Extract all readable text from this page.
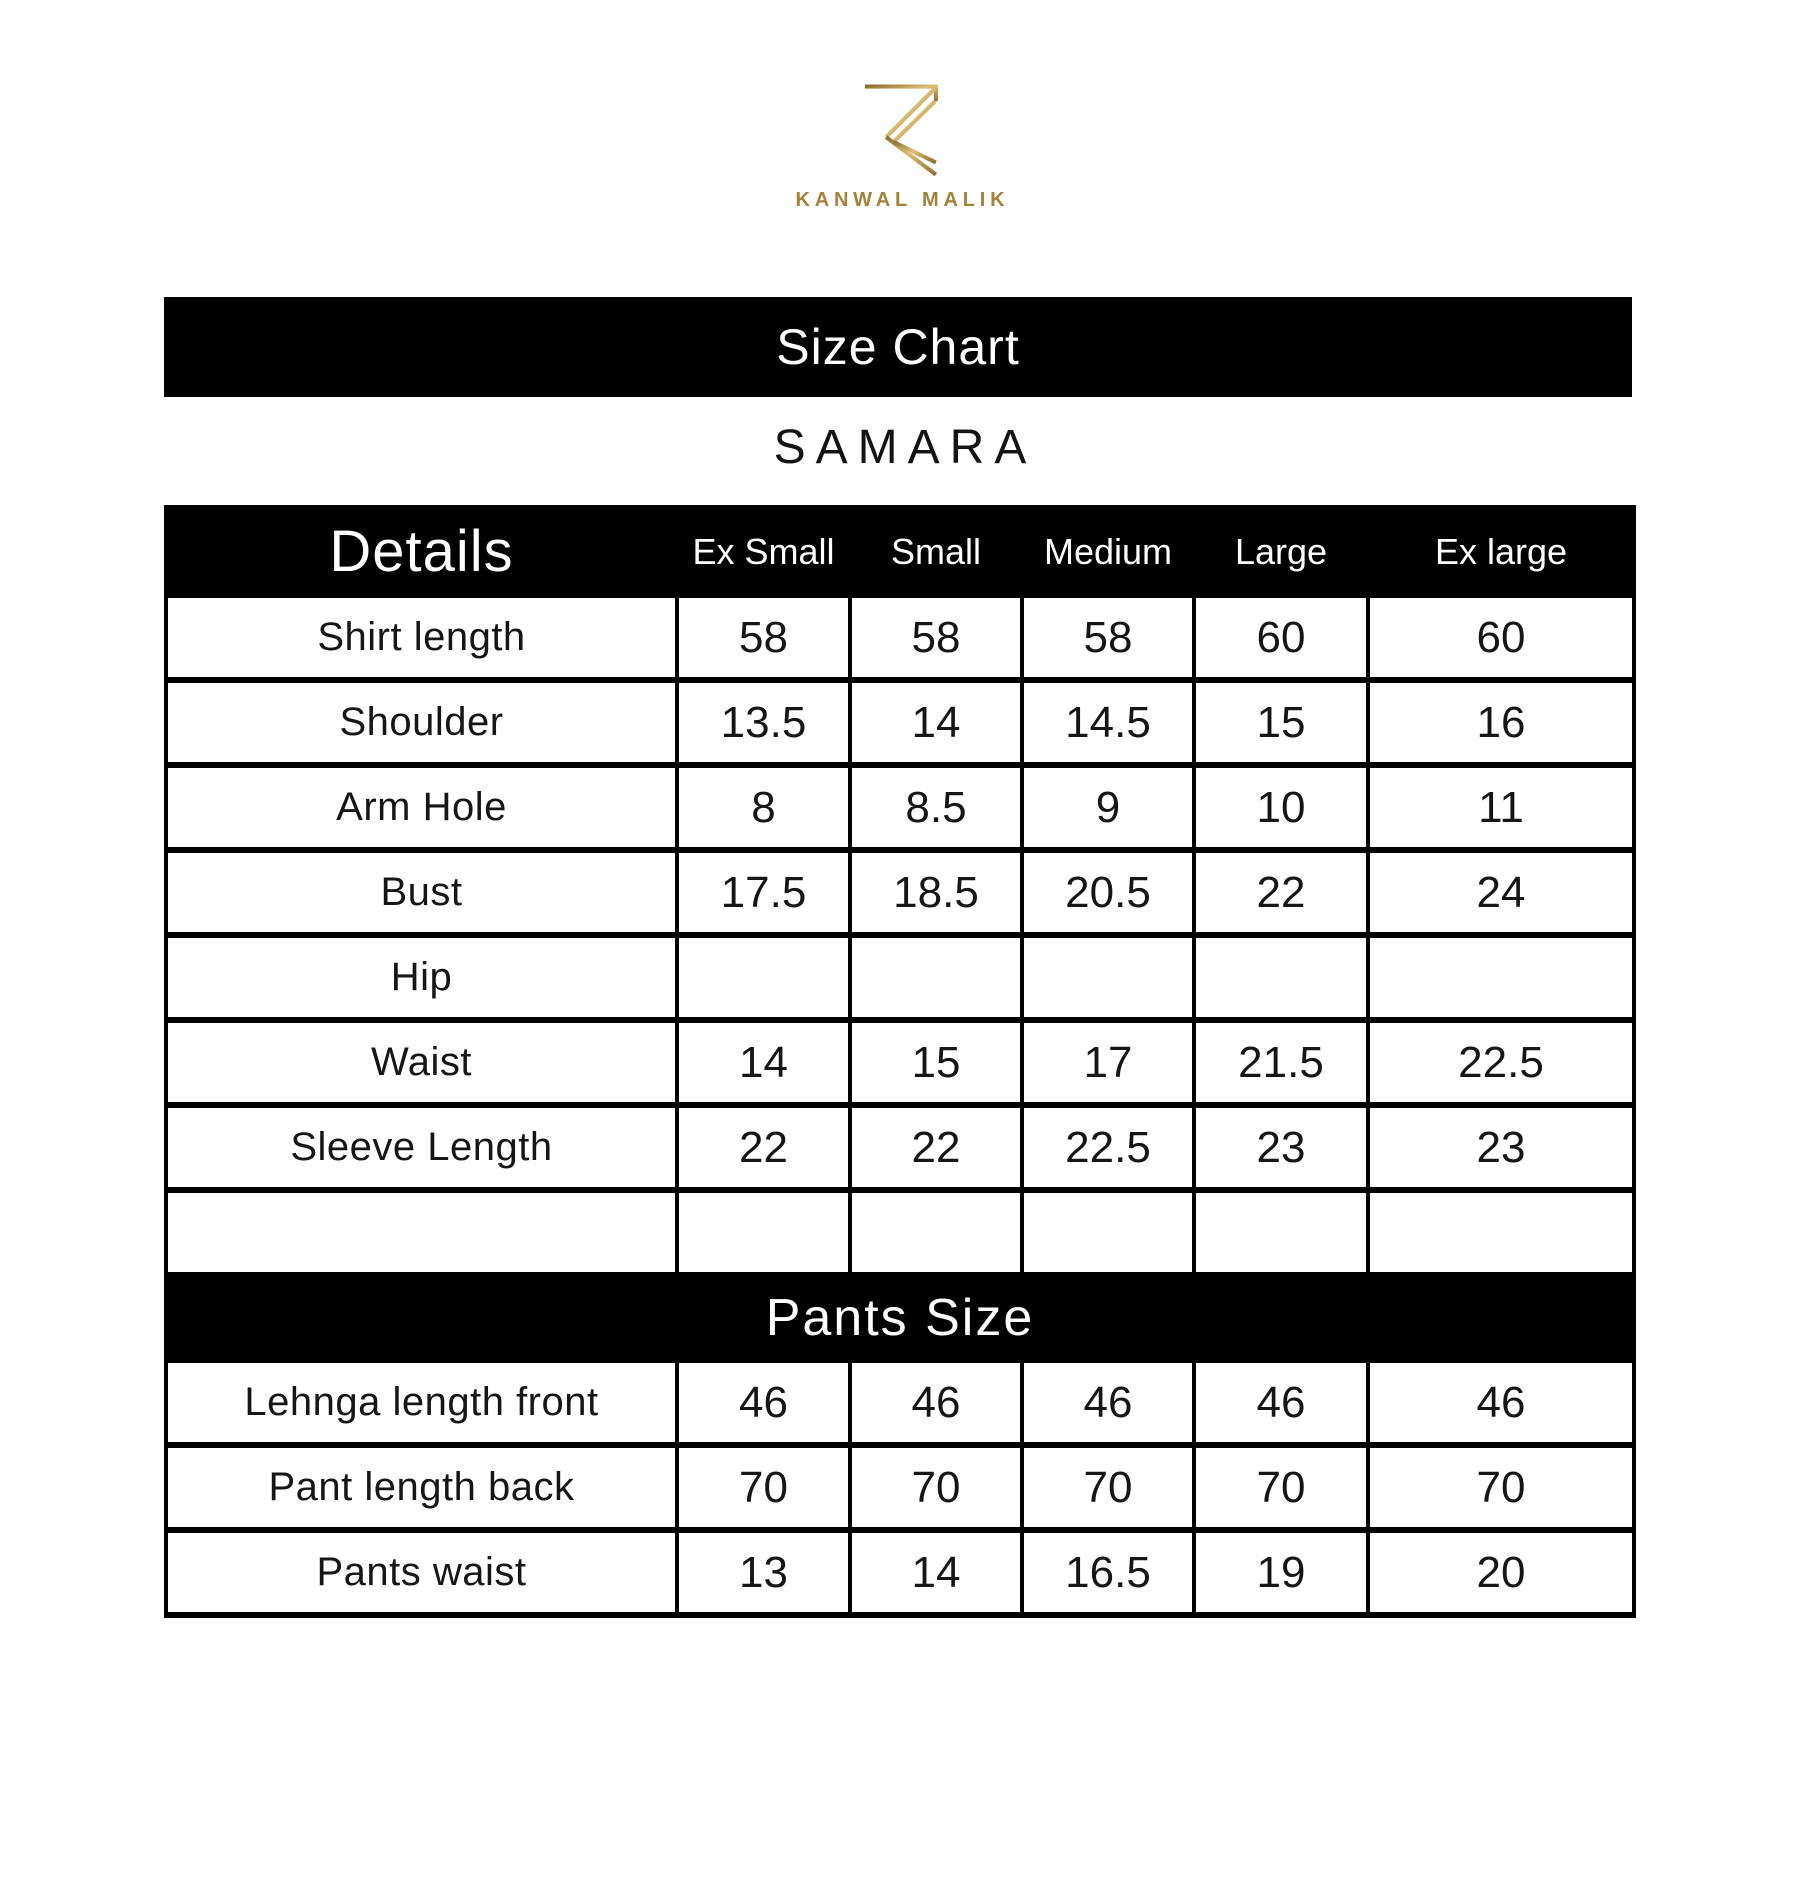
KANWAL MALIK
Size Chart
SAMARA
Details	Ex Small	Small	Medium	Large	Ex large
Shirt length	58	58	58	60	60
Shoulder	13.5	14	14.5	15	16
Arm Hole	8	8.5	9	10	11
Bust	17.5	18.5	20.5	22	24
Hip					
Waist	14	15	17	21.5	22.5
Sleeve Length	22	22	22.5	23	23

Pants Size					
Lehnga length front	46	46	46	46	46
Pant length back	70	70	70	70	70
Pants waist	13	14	16.5	19	20
